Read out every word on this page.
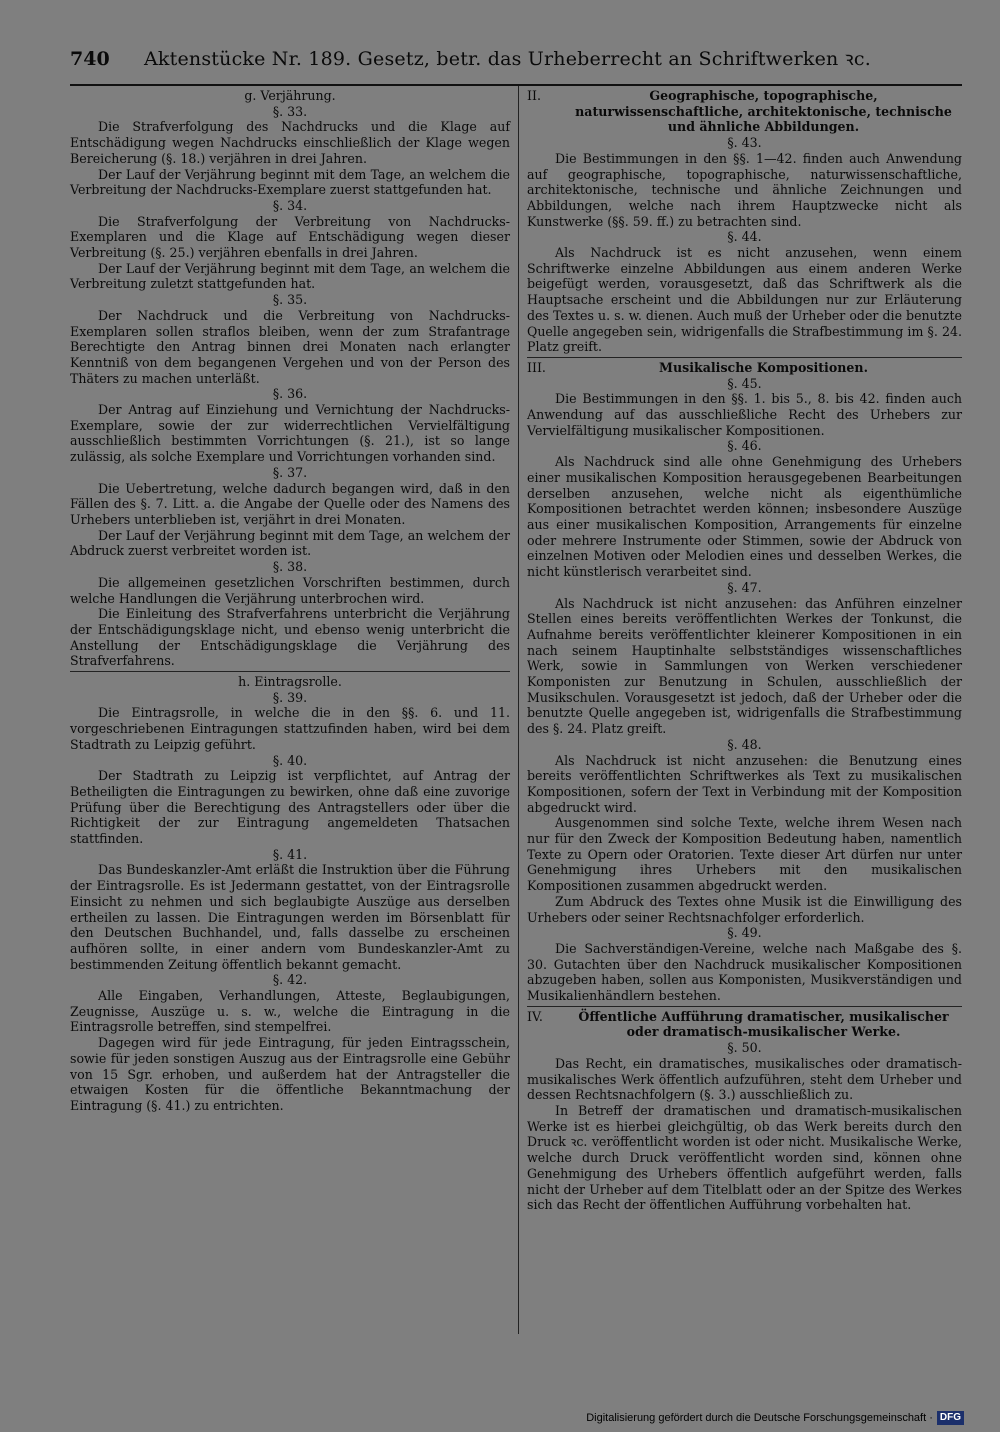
740 Aktenstücke Nr. 189. Gesetz, betr. das Urheberrecht an Schriftwerken ꝛc.
g. Verjährung.
§. 33.

Die Strafverfolgung des Nachdrucks und die Klage auf Entschädigung wegen Nachdrucks einschließlich der Klage wegen Bereicherung (§. 18.) verjähren in drei Jahren.

Der Lauf der Verjährung beginnt mit dem Tage, an welchem die Verbreitung der Nachdrucks-Exemplare zuerst stattgefunden hat.

§. 34.

Die Strafverfolgung der Verbreitung von Nachdrucks-Exemplaren und die Klage auf Entschädigung wegen dieser Verbreitung (§. 25.) verjähren ebenfalls in drei Jahren.

Der Lauf der Verjährung beginnt mit dem Tage, an welchem die Verbreitung zuletzt stattgefunden hat.

§. 35.

Der Nachdruck und die Verbreitung von Nachdrucks-Exemplaren sollen straflos bleiben, wenn der zum Strafantrage Berechtigte den Antrag binnen drei Monaten nach erlangter Kenntniß von dem begangenen Vergehen und von der Person des Thäters zu machen unterläßt.

§. 36.

Der Antrag auf Einziehung und Vernichtung der Nachdrucks-Exemplare, sowie der zur widerrechtlichen Vervielfältigung ausschließlich bestimmten Vorrichtungen (§. 21.), ist so lange zulässig, als solche Exemplare und Vorrichtungen vorhanden sind.

§. 37.

Die Uebertretung, welche dadurch begangen wird, daß in den Fällen des §. 7. Litt. a. die Angabe der Quelle oder des Namens des Urhebers unterblieben ist, verjährt in drei Monaten.

Der Lauf der Verjährung beginnt mit dem Tage, an welchem der Abdruck zuerst verbreitet worden ist.

§. 38.

Die allgemeinen gesetzlichen Vorschriften bestimmen, durch welche Handlungen die Verjährung unterbrochen wird.

Die Einleitung des Strafverfahrens unterbricht die Verjährung der Entschädigungsklage nicht, und ebenso wenig unterbricht die Anstellung der Entschädigungsklage die Verjährung des Strafverfahrens.

h. Eintragsrolle.
§. 39.

Die Eintragsrolle, in welche die in den §§. 6. und 11. vorgeschriebenen Eintragungen stattzufinden haben, wird bei dem Stadtrath zu Leipzig geführt.

§. 40.

Der Stadtrath zu Leipzig ist verpflichtet, auf Antrag der Betheiligten die Eintragungen zu bewirken, ohne daß eine zuvorige Prüfung über die Berechtigung des Antragstellers oder über die Richtigkeit der zur Eintragung angemeldeten Thatsachen stattfinden.

§. 41.

Das Bundeskanzler-Amt erläßt die Instruktion über die Führung der Eintragsrolle. Es ist Jedermann gestattet, von der Eintragsrolle Einsicht zu nehmen und sich beglaubigte Auszüge aus derselben ertheilen zu lassen. Die Eintragungen werden im Börsenblatt für den Deutschen Buchhandel, und, falls dasselbe zu erscheinen aufhören sollte, in einer andern vom Bundeskanzler-Amt zu bestimmenden Zeitung öffentlich bekannt gemacht.

§. 42.

Alle Eingaben, Verhandlungen, Atteste, Beglaubigungen, Zeugnisse, Auszüge u. s. w., welche die Eintragung in die Eintragsrolle betreffen, sind stempelfrei.

Dagegen wird für jede Eintragung, für jeden Eintragsschein, sowie für jeden sonstigen Auszug aus der Eintragsrolle eine Gebühr von 15 Sgr. erhoben, und außerdem hat der Antragsteller die etwaigen Kosten für die öffentliche Bekanntmachung der Eintragung (§. 41.) zu entrichten.

II.	Geographische, topographische, naturwissenschaftliche, architektonische, technische und ähnliche Abbildungen.
§. 43.

Die Bestimmungen in den §§. 1—42. finden auch Anwendung auf geographische, topographische, naturwissenschaftliche, architektonische, technische und ähnliche Zeichnungen und Abbildungen, welche nach ihrem Hauptzwecke nicht als Kunstwerke (§§. 59. ff.) zu betrachten sind.

§. 44.

Als Nachdruck ist es nicht anzusehen, wenn einem Schriftwerke einzelne Abbildungen aus einem anderen Werke beigefügt werden, vorausgesetzt, daß das Schriftwerk als die Hauptsache erscheint und die Abbildungen nur zur Erläuterung des Textes u. s. w. dienen. Auch muß der Urheber oder die benutzte Quelle angegeben sein, widrigenfalls die Strafbestimmung im §. 24. Platz greift.

III.	Musikalische Kompositionen.
§. 45.

Die Bestimmungen in den §§. 1. bis 5., 8. bis 42. finden auch Anwendung auf das ausschließliche Recht des Urhebers zur Vervielfältigung musikalischer Kompositionen.

§. 46.

Als Nachdruck sind alle ohne Genehmigung des Urhebers einer musikalischen Komposition herausgegebenen Bearbeitungen derselben anzusehen, welche nicht als eigenthümliche Kompositionen betrachtet werden können; insbesondere Auszüge aus einer musikalischen Komposition, Arrangements für einzelne oder mehrere Instrumente oder Stimmen, sowie der Abdruck von einzelnen Motiven oder Melodien eines und desselben Werkes, die nicht künstlerisch verarbeitet sind.

§. 47.

Als Nachdruck ist nicht anzusehen: das Anführen einzelner Stellen eines bereits veröffentlichten Werkes der Tonkunst, die Aufnahme bereits veröffentlichter kleinerer Kompositionen in ein nach seinem Hauptinhalte selbstständiges wissenschaftliches Werk, sowie in Sammlungen von Werken verschiedener Komponisten zur Benutzung in Schulen, ausschließlich der Musikschulen. Vorausgesetzt ist jedoch, daß der Urheber oder die benutzte Quelle angegeben ist, widrigenfalls die Strafbestimmung des §. 24. Platz greift.

§. 48.

Als Nachdruck ist nicht anzusehen: die Benutzung eines bereits veröffentlichten Schriftwerkes als Text zu musikalischen Kompositionen, sofern der Text in Verbindung mit der Komposition abgedruckt wird.

Ausgenommen sind solche Texte, welche ihrem Wesen nach nur für den Zweck der Komposition Bedeutung haben, namentlich Texte zu Opern oder Oratorien. Texte dieser Art dürfen nur unter Genehmigung ihres Urhebers mit den musikalischen Kompositionen zusammen abgedruckt werden.

Zum Abdruck des Textes ohne Musik ist die Einwilligung des Urhebers oder seiner Rechtsnachfolger erforderlich.

§. 49.

Die Sachverständigen-Vereine, welche nach Maßgabe des §. 30. Gutachten über den Nachdruck musikalischer Kompositionen abzugeben haben, sollen aus Komponisten, Musikverständigen und Musikalienhändlern bestehen.

IV.	Öffentliche Aufführung dramatischer, musikalischer oder dramatisch-musikalischer Werke.
§. 50.

Das Recht, ein dramatisches, musikalisches oder dramatisch-musikalisches Werk öffentlich aufzuführen, steht dem Urheber und dessen Rechtsnachfolgern (§. 3.) ausschließlich zu.

In Betreff der dramatischen und dramatisch-musikalischen Werke ist es hierbei gleichgültig, ob das Werk bereits durch den Druck ꝛc. veröffentlicht worden ist oder nicht. Musikalische Werke, welche durch Druck veröffentlicht worden sind, können ohne Genehmigung des Urhebers öffentlich aufgeführt werden, falls nicht der Urheber auf dem Titelblatt oder an der Spitze des Werkes sich das Recht der öffentlichen Aufführung vorbehalten hat.

Digitalisierung gefördert durch die Deutsche Forschungsgemeinschaft · DFG
